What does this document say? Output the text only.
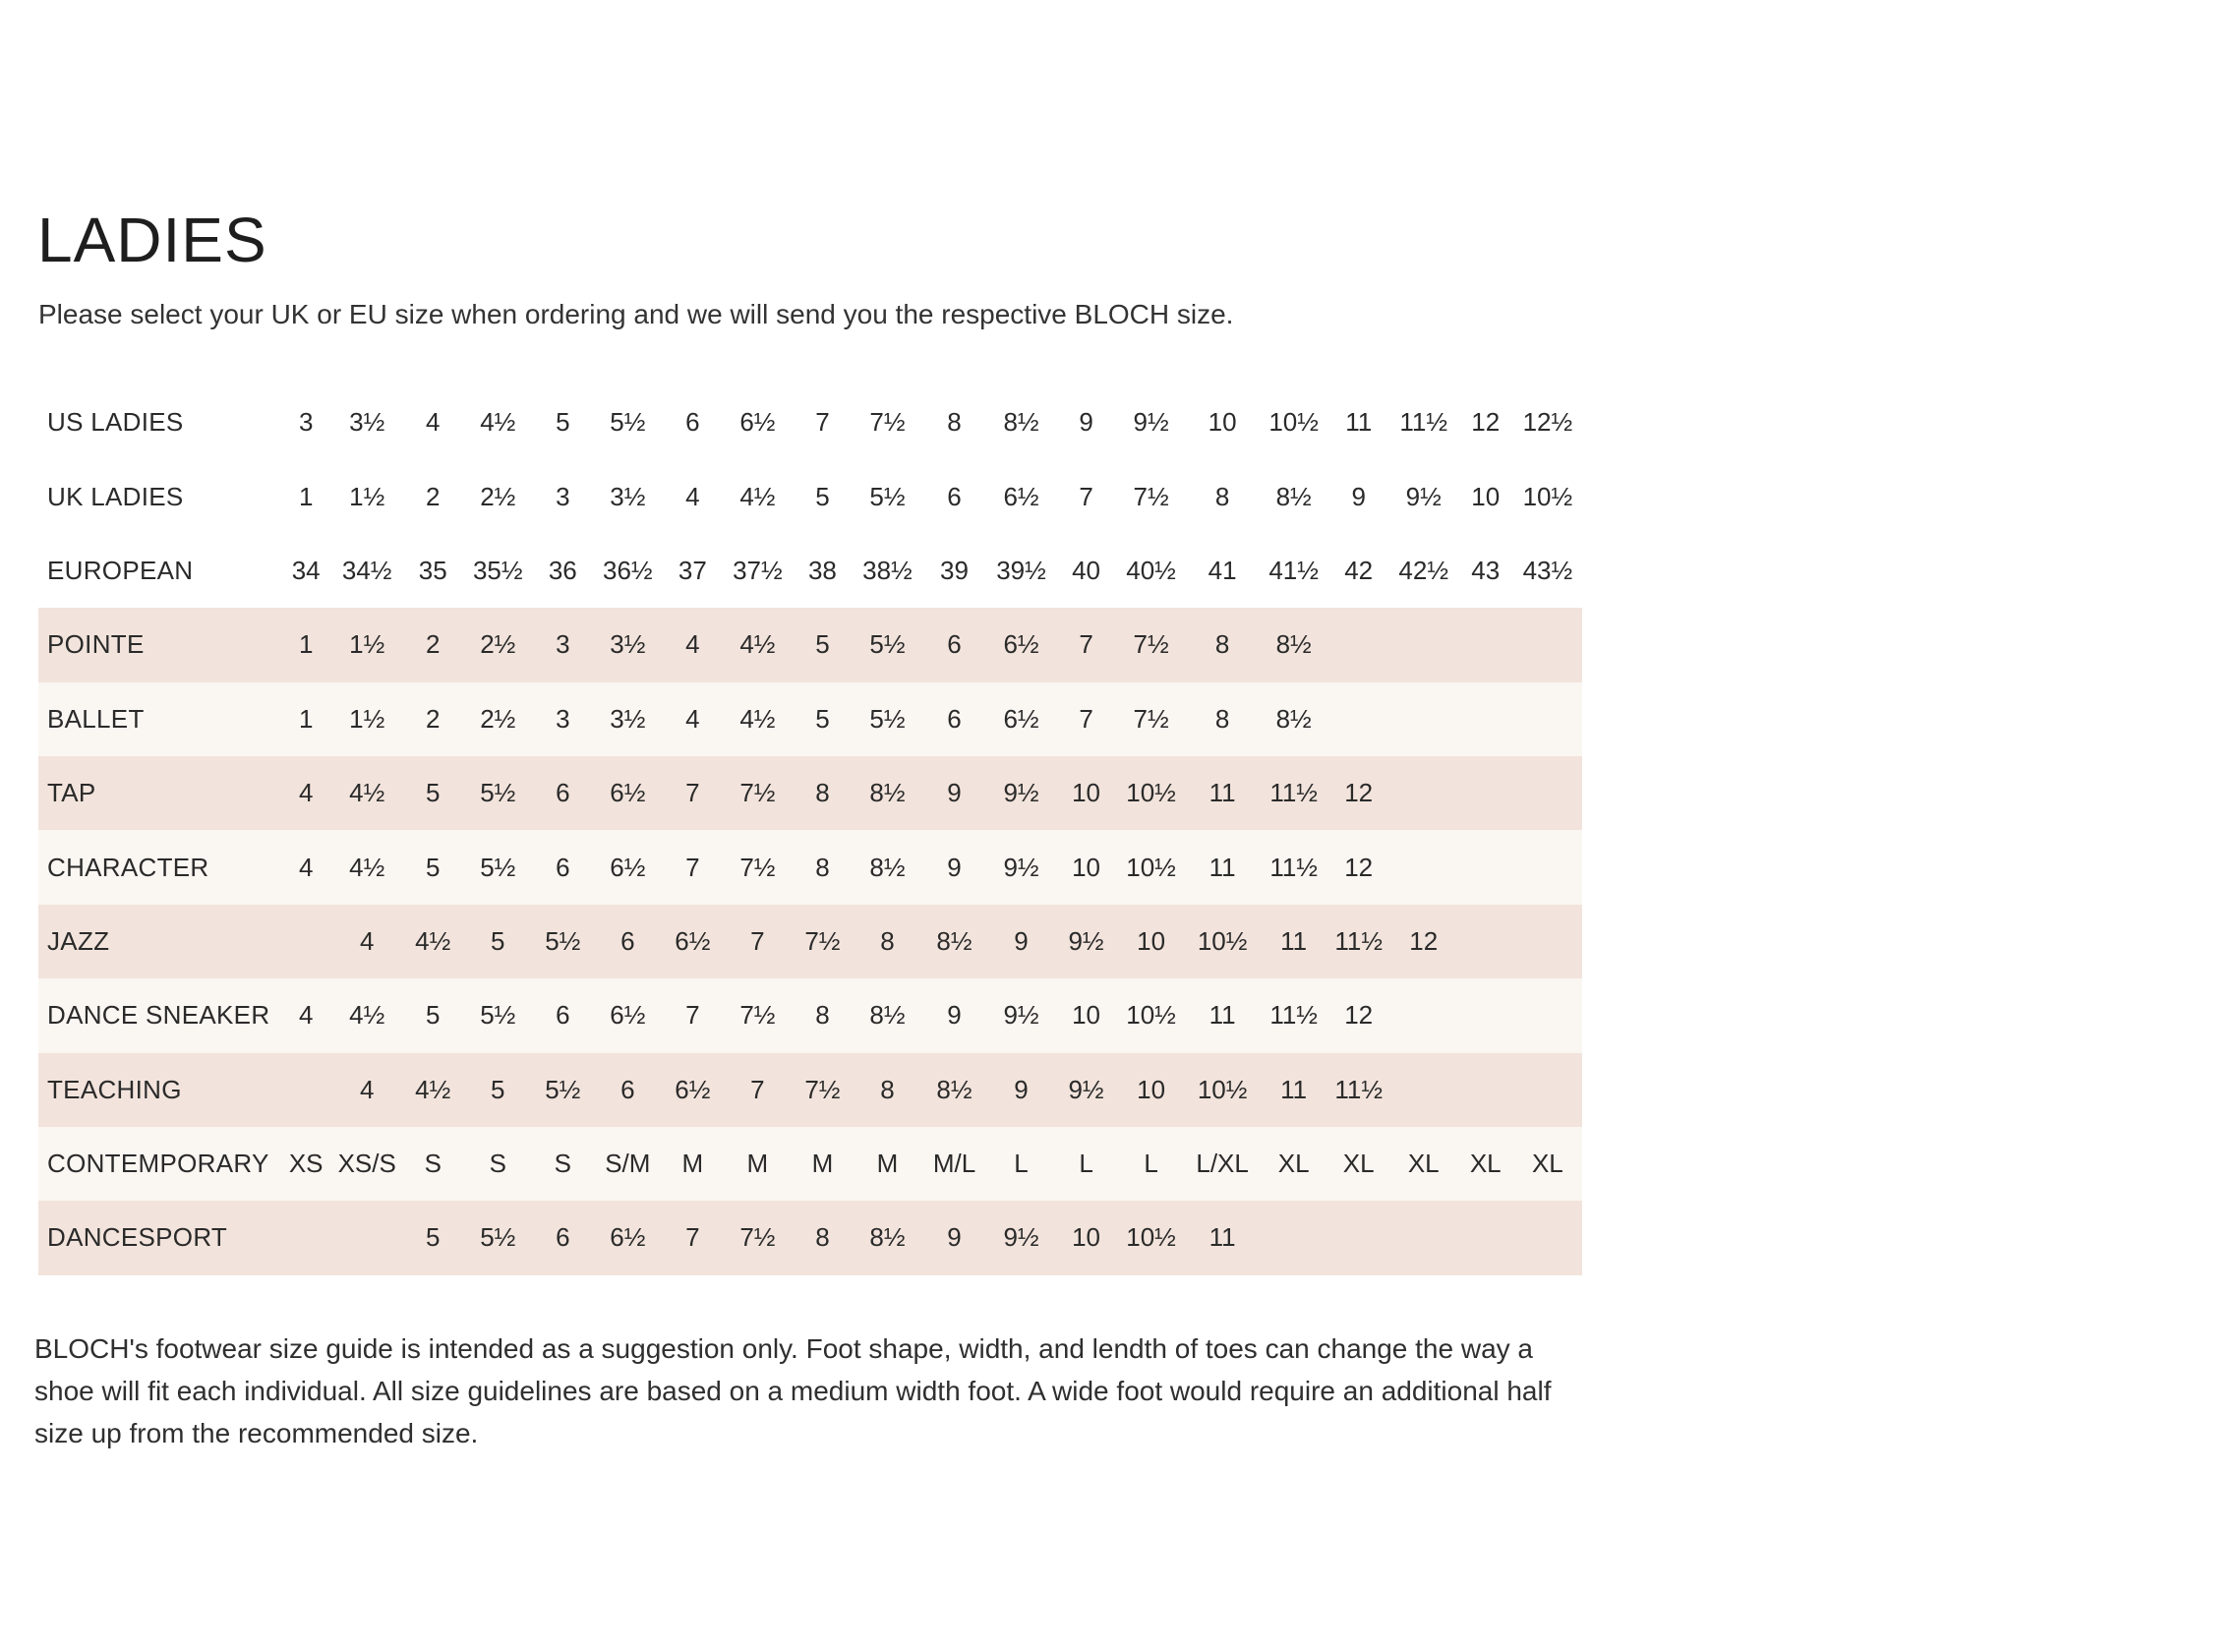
LADIES

Please select your UK or EU size when ordering and we will send you the respective BLOCH size.

US LADIES	3	3½	4	4½	5	5½	6	6½	7	7½	8	8½	9	9½	10	10½	11	11½	12	12½
UK LADIES	1	1½	2	2½	3	3½	4	4½	5	5½	6	6½	7	7½	8	8½	9	9½	10	10½
EUROPEAN	34	34½	35	35½	36	36½	37	37½	38	38½	39	39½	40	40½	41	41½	42	42½	43	43½
POINTE	1	1½	2	2½	3	3½	4	4½	5	5½	6	6½	7	7½	8	8½				
BALLET	1	1½	2	2½	3	3½	4	4½	5	5½	6	6½	7	7½	8	8½				
TAP	4	4½	5	5½	6	6½	7	7½	8	8½	9	9½	10	10½	11	11½	12			
CHARACTER	4	4½	5	5½	6	6½	7	7½	8	8½	9	9½	10	10½	11	11½	12			
JAZZ		4	4½	5	5½	6	6½	7	7½	8	8½	9	9½	10	10½	11	11½	12		
DANCE SNEAKER	4	4½	5	5½	6	6½	7	7½	8	8½	9	9½	10	10½	11	11½	12			
TEACHING		4	4½	5	5½	6	6½	7	7½	8	8½	9	9½	10	10½	11	11½			
CONTEMPORARY	XS	XS/S	S	S	S	S/M	M	M	M	M	M/L	L	L	L	L/XL	XL	XL	XL	XL	XL
DANCESPORT			5	5½	6	6½	7	7½	8	8½	9	9½	10	10½	11					

BLOCH's footwear size guide is intended as a suggestion only. Foot shape, width, and lendth of toes can change the way a shoe will fit each individual. All size guidelines are based on a medium width foot. A wide foot would require an additional half size up from the recommended size.
